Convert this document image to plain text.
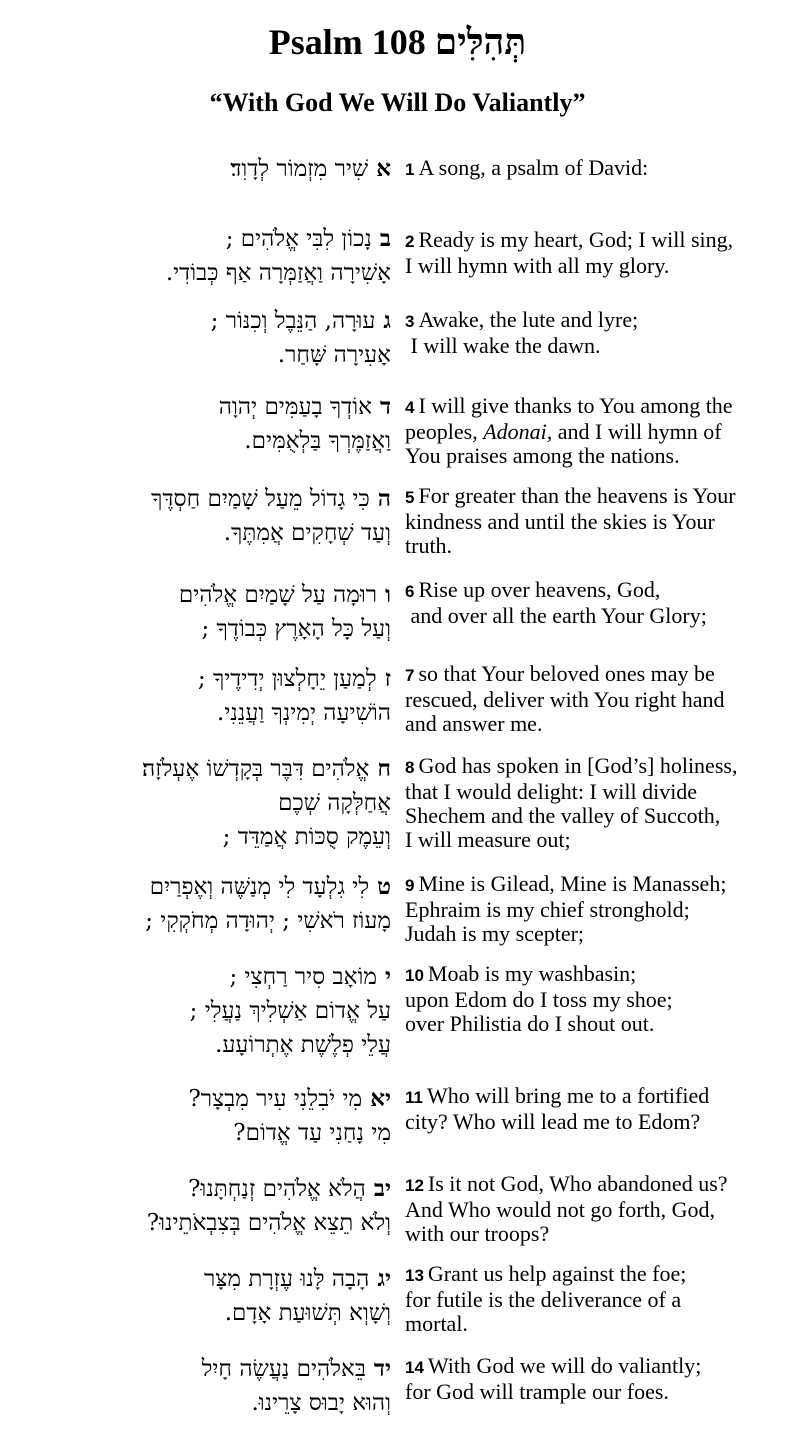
Psalm 108 תְּהִלִּים
“With God We Will Do Valiantly”
אשִׁיר מִזְמוֹר לְדָוִד׃	1 A song, a psalm of David:
בנָכוֹן לִבִּי אֱלֹהִים ;
אָשִׁירָה וַאֲזַמְּרָה אַף כְּבוֹדִי.
2 Ready is my heart, God; I will sing,
I will hymn with all my glory.
געוּרָה, הַנֵּבֶל וְכִנּוֹר ;
אָעִירָה שָּׁחַר.
3 Awake, the lute and lyre;
I will wake the dawn.
דאוֹדְךָ בָעַמִּים יְהוָה
וַאֲזַמֶּרְךָ בַּלְאֻמִּים.
4 I will give thanks to You among the
peoples, Adonai, and I will hymn of
You praises among the nations.
הכִּי גָדוֹל מֵעַל שָׁמַיִם חַסְדֶּךָ
וְעַד שְׁחָקִים אֲמִתֶּךָ.
5 For greater than the heavens is Your
kindness and until the skies is Your
truth.
ורוּמָה עַל שָׁמַיִם אֱלֹהִים
וְעַל כָּל הָאָרֶץ כְּבוֹדֶךָ ;
6 Rise up over heavens, God,
and over all the earth Your Glory;
זלְמַעַן יֵחָלְצוּן יְדִידֶיךָ ;
הוֹשִׁיעָה יְמִינְךָ וַעֲנֵנִי.
7 so that Your beloved ones may be
rescued, deliver with You right hand
and answer me.
חאֱלֹהִים דִּבֶּר בְּקָדְשׁוֹ אֶעְלֹזָה׃
אֲחַלְּקָה שְׁכֶם
וְעֵמֶק סֻכּוֹת אֲמַדֵּד ;
8 God has spoken in [God’s] holiness,
that I would delight: I will divide
Shechem and the valley of Succoth,
I will measure out;
טלִי גִלְעָד לִי מְנַשֶּׁה וְאֶפְרַיִם
מָעוֹז רֹאשִׁי ; יְהוּדָה מְחֹקְקִי ;
9 Mine is Gilead, Mine is Manasseh;
Ephraim is my chief stronghold;
Judah is my scepter;
ימוֹאָב סִיר רַחְצִי ;
עַל אֱדוֹם אַשְׁלִיךְ נַעֲלִי ;
עֲלֵי פְלֶשֶׁת אֶתְרוֹעָע.
10 Moab is my washbasin;
upon Edom do I toss my shoe;
over Philistia do I shout out.
יאמִי יֹבִלֵנִי עִיר מִבְצָר?
מִי נָחַנִי עַד אֱדוֹם?
11 Who will bring me to a fortified
city? Who will lead me to Edom?
יבהֲלֹא אֱלֹהִים זְנַחְתָּנוּ?
וְלֹא תֵצֵא אֱלֹהִים בְּצִבְאֹתֵינוּ?
12 Is it not God, Who abandoned us?
And Who would not go forth, God,
with our troops?
יגהָבָה לָּנוּ עֶזְרָת מִצָּר
וְשָׁוְא תְּשׁוּעַת אָדָם.
13 Grant us help against the foe;
for futile is the deliverance of a
mortal.
ידבֵּאלֹהִים נַעֲשֶׂה חָיִל
וְהוּא יָבוּס צָרֵינוּ.
14 With God we will do valiantly;
for God will trample our foes.
